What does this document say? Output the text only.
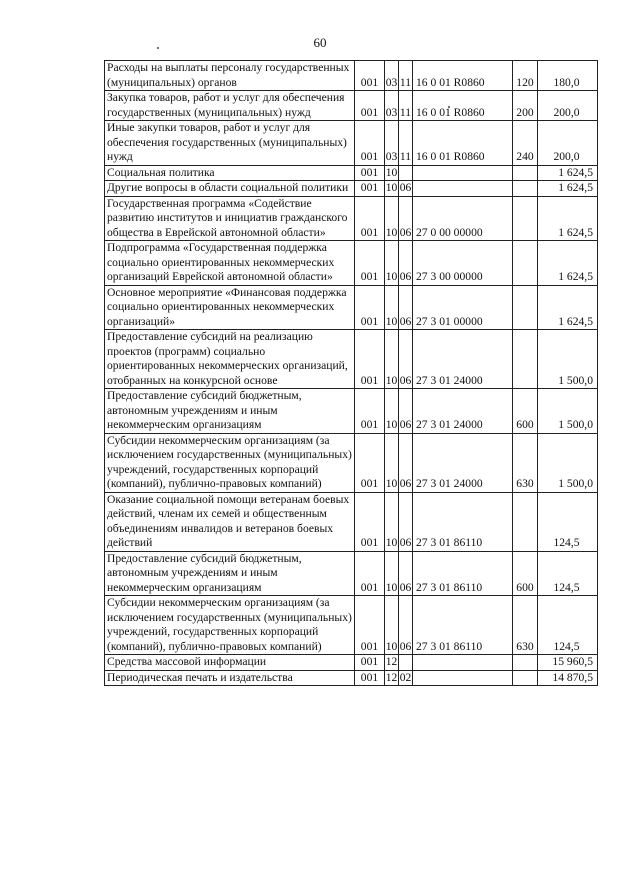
60
Расходы на выплаты персоналу государственных (муниципальных) органов	001	03	11	16 0 01 R0860	120	180,0
Закупка товаров, работ и услуг для обеспечения государственных (муниципальных) нужд	001	03	11	16 0 01 R0860	200	200,0
Иные закупки товаров, работ и услуг для обеспечения государственных (муниципальных) нужд	001	03	11	16 0 01 R0860	240	200,0
Социальная политика	001	10				1 624,5
Другие вопросы в области социальной политики	001	10	06			1 624,5
Государственная программа «Содействие развитию институтов и инициатив гражданского общества в Еврейской автономной области»	001	10	06	27 0 00 00000		1 624,5
Подпрограмма «Государственная поддержка социально ориентированных некоммерческих организаций Еврейской автономной области»	001	10	06	27 3 00 00000		1 624,5
Основное мероприятие «Финансовая поддержка социально ориентированных некоммерческих организаций»	001	10	06	27 3 01 00000		1 624,5
Предоставление субсидий на реализацию проектов (программ) социально ориентированных некоммерческих организаций, отобранных на конкурсной основе	001	10	06	27 3 01 24000		1 500,0
Предоставление субсидий бюджетным, автономным учреждениям и иным некоммерческим организациям	001	10	06	27 3 01 24000	600	1 500,0
Субсидии некоммерческим организациям (за исключением государственных (муниципальных) учреждений, государственных корпораций (компаний), публично-правовых компаний)	001	10	06	27 3 01 24000	630	1 500,0
Оказание социальной помощи ветеранам боевых действий, членам их семей и общественным объединениям инвалидов и ветеранов боевых действий	001	10	06	27 3 01 86110		124,5
Предоставление субсидий бюджетным, автономным учреждениям и иным некоммерческим организациям	001	10	06	27 3 01 86110	600	124,5
Субсидии некоммерческим организациям (за исключением государственных (муниципальных) учреждений, государственных корпораций (компаний), публично-правовых компаний)	001	10	06	27 3 01 86110	630	124,5
Средства массовой информации	001	12				15 960,5
Периодическая печать и издательства	001	12	02			14 870,5
